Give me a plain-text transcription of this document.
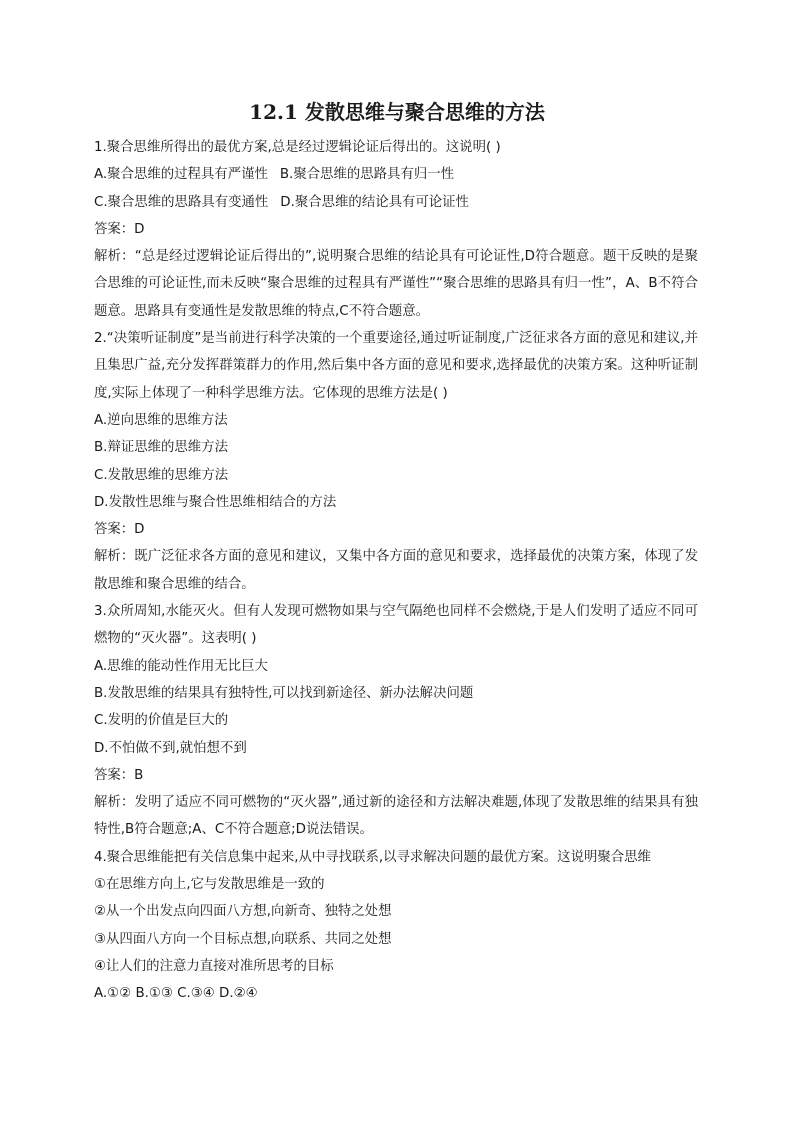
12.1 发散思维与聚合思维的方法

1.聚合思维所得出的最优方案,总是经过逻辑论证后得出的。这说明( )

A.聚合思维的过程具有严谨性 B.聚合思维的思路具有归一性
C.聚合思维的思路具有变通性 D.聚合思维的结论具有可论证性

答案：D

解析：“总是经过逻辑论证后得出的”,说明聚合思维的结论具有可论证性,D符合题意。题干反映的是聚合思维的可论证性,而未反映“聚合思维的过程具有严谨性”“聚合思维的思路具有归一性”，A、B不符合题意。思路具有变通性是发散思维的特点,C不符合题意。

2.“决策听证制度”是当前进行科学决策的一个重要途径,通过听证制度,广泛征求各方面的意见和建议,并且集思广益,充分发挥群策群力的作用,然后集中各方面的意见和要求,选择最优的决策方案。这种听证制度,实际上体现了一种科学思维方法。它体现的思维方法是( )

A.逆向思维的思维方法

B.辩证思维的思维方法

C.发散思维的思维方法

D.发散性思维与聚合性思维相结合的方法

答案：D

解析：既广泛征求各方面的意见和建议，又集中各方面的意见和要求，选择最优的决策方案，体现了发散思维和聚合思维的结合。

3.众所周知,水能灭火。但有人发现可燃物如果与空气隔绝也同样不会燃烧,于是人们发明了适应不同可燃物的“灭火器”。这表明( )

A.思维的能动性作用无比巨大

B.发散思维的结果具有独特性,可以找到新途径、新办法解决问题

C.发明的价值是巨大的

D.不怕做不到,就怕想不到

答案：B

解析：发明了适应不同可燃物的“灭火器”,通过新的途径和方法解决难题,体现了发散思维的结果具有独特性,B符合题意;A、C不符合题意;D说法错误。

4.聚合思维能把有关信息集中起来,从中寻找联系,以寻求解决问题的最优方案。这说明聚合思维

①在思维方向上,它与发散思维是一致的

②从一个出发点向四面八方想,向新奇、独特之处想

③从四面八方向一个目标点想,向联系、共同之处想

④让人们的注意力直接对准所思考的目标

A.①② B.①③ C.③④ D.②④
